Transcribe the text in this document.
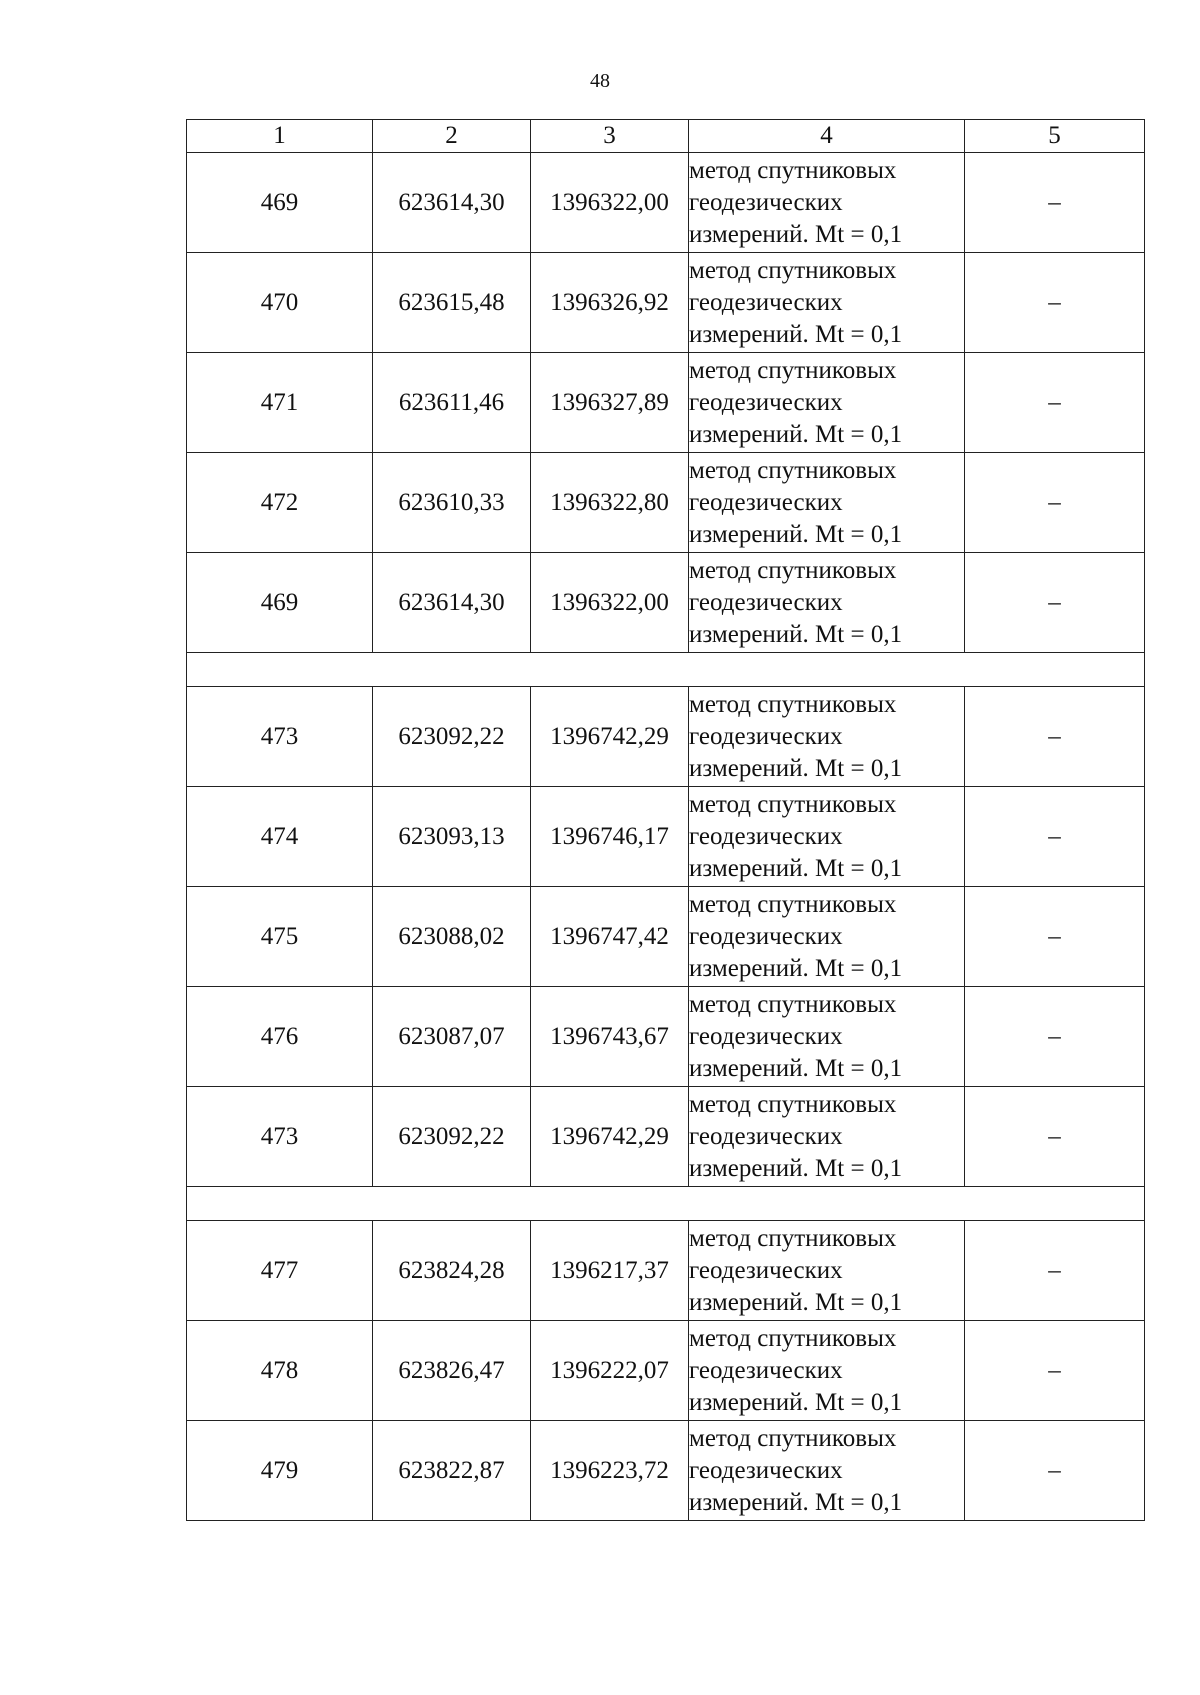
48
1	2	3	4	5
469	623614,30	1396322,00	метод спутниковых
геодезических
измерений. Mt = 0,1	–
470	623615,48	1396326,92	метод спутниковых
геодезических
измерений. Mt = 0,1	–
471	623611,46	1396327,89	метод спутниковых
геодезических
измерений. Mt = 0,1	–
472	623610,33	1396322,80	метод спутниковых
геодезических
измерений. Mt = 0,1	–
469	623614,30	1396322,00	метод спутниковых
геодезических
измерений. Mt = 0,1	–

473	623092,22	1396742,29	метод спутниковых
геодезических
измерений. Mt = 0,1	–
474	623093,13	1396746,17	метод спутниковых
геодезических
измерений. Mt = 0,1	–
475	623088,02	1396747,42	метод спутниковых
геодезических
измерений. Mt = 0,1	–
476	623087,07	1396743,67	метод спутниковых
геодезических
измерений. Mt = 0,1	–
473	623092,22	1396742,29	метод спутниковых
геодезических
измерений. Mt = 0,1	–

477	623824,28	1396217,37	метод спутниковых
геодезических
измерений. Mt = 0,1	–
478	623826,47	1396222,07	метод спутниковых
геодезических
измерений. Mt = 0,1	–
479	623822,87	1396223,72	метод спутниковых
геодезических
измерений. Mt = 0,1	–
